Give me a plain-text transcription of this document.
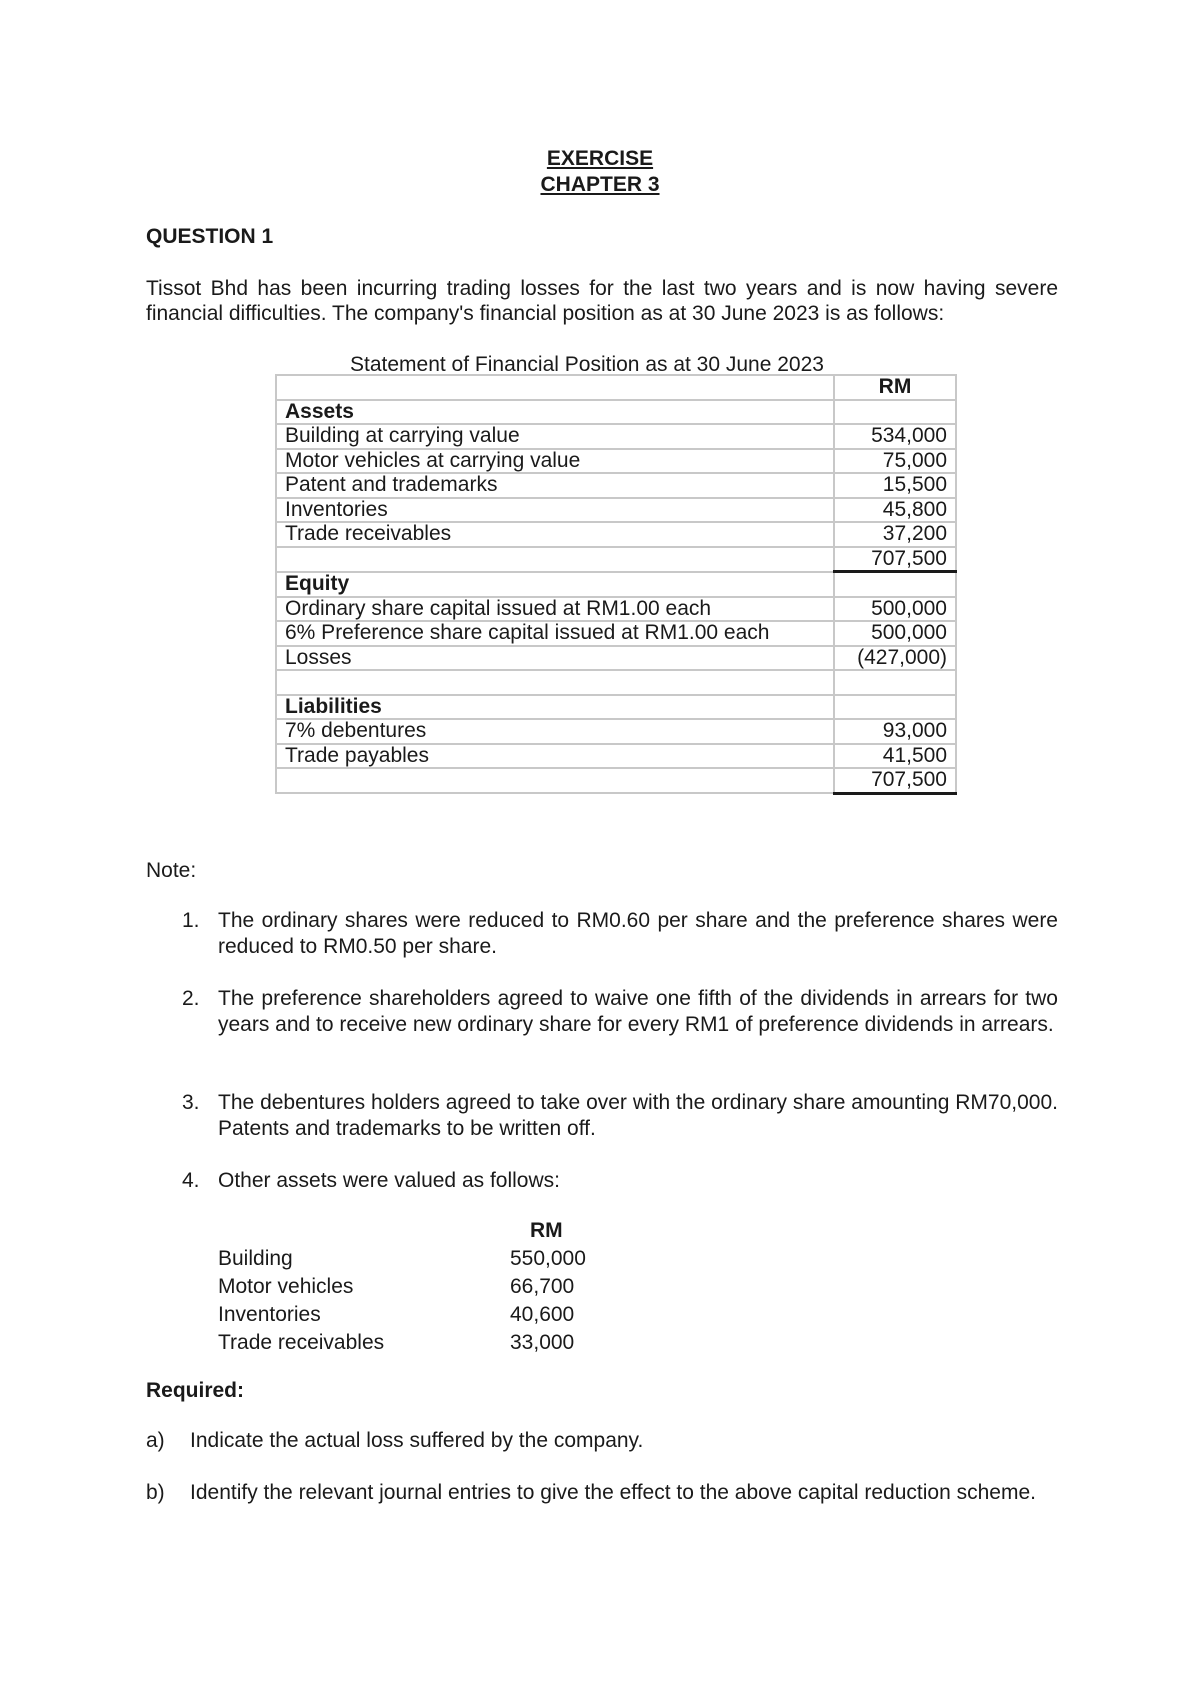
EXERCISE
CHAPTER 3
QUESTION 1
Tissot Bhd has been incurring trading losses for the last two years and is now having severe financial difficulties. The company's financial position as at 30 June 2023 is as follows:
Statement of Financial Position as at 30 June 2023
	RM
Assets	
Building at carrying value	534,000
Motor vehicles at carrying value	75,000
Patent and trademarks	15,500
Inventories	45,800
Trade receivables	37,200
	707,500
Equity	
Ordinary share capital issued at RM1.00 each	500,000
6% Preference share capital issued at RM1.00 each	500,000
Losses	(427,000)

Liabilities	
7% debentures	93,000
Trade payables	41,500
	707,500
Note:
1. The ordinary shares were reduced to RM0.60 per share and the preference shares were reduced to RM0.50 per share.
2. The preference shareholders agreed to waive one fifth of the dividends in arrears for two years and to receive new ordinary share for every RM1 of preference dividends in arrears.
3. The debentures holders agreed to take over with the ordinary share amounting RM70,000. Patents and trademarks to be written off.
4. Other assets were valued as follows:
RM
Building	550,000
Motor vehicles	66,700
Inventories	40,600
Trade receivables	33,000
Required:
a) Indicate the actual loss suffered by the company.
b) Identify the relevant journal entries to give the effect to the above capital reduction scheme.
